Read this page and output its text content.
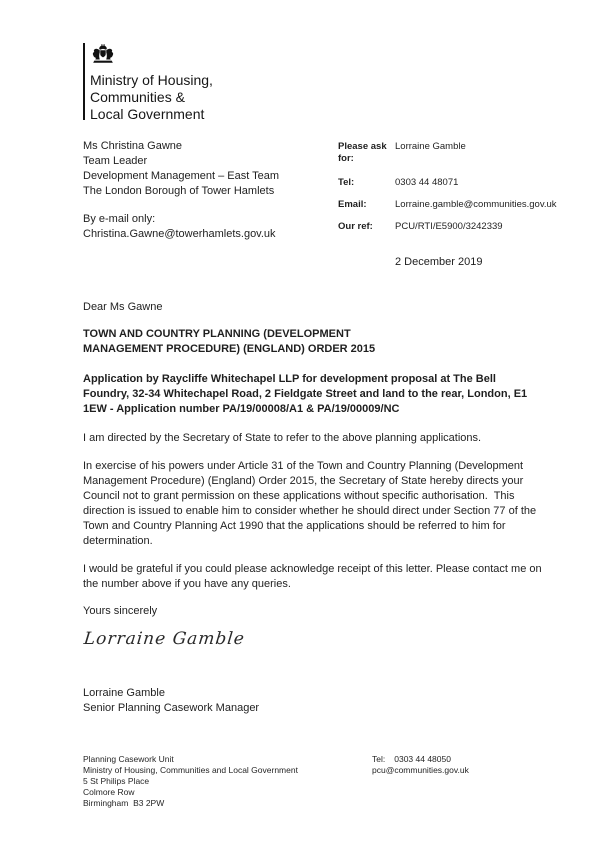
Ministry of Housing,
Communities &
Local Government
Ms Christina Gawne
Team Leader
Development Management – East Team
The London Borough of Tower Hamlets
By e-mail only:
Christina.Gawne@towerhamlets.gov.uk
Please ask for:
Lorraine Gamble
Tel:	0303 44 48071
Email:	Lorraine.gamble@communities.gov.uk
Our ref:	PCU/RTI/E5900/3242339
2 December 2019

Dear Ms Gawne

TOWN AND COUNTRY PLANNING (DEVELOPMENT MANAGEMENT PROCEDURE) (ENGLAND) ORDER 2015

Application by Raycliffe Whitechapel LLP for development proposal at The Bell Foundry, 32-34 Whitechapel Road, 2 Fieldgate Street and land to the rear, London, E1 1EW - Application number PA/19/00008/A1 & PA/19/00009/NC

I am directed by the Secretary of State to refer to the above planning applications.

In exercise of his powers under Article 31 of the Town and Country Planning (Development Management Procedure) (England) Order 2015, the Secretary of State hereby directs your Council not to grant permission on these applications without specific authorisation.  This direction is issued to enable him to consider whether he should direct under Section 77 of the Town and Country Planning Act 1990 that the applications should be referred to him for determination.

I would be grateful if you could please acknowledge receipt of this letter. Please contact me on the number above if you have any queries.

Yours sincerely

Lorraine Gamble

Lorraine Gamble

Senior Planning Casework Manager

Planning Casework Unit
Ministry of Housing, Communities and Local Government
5 St Philips Place
Colmore Row
Birmingham  B3 2PW
Tel: 0303 44 48050
pcu@communities.gov.uk
